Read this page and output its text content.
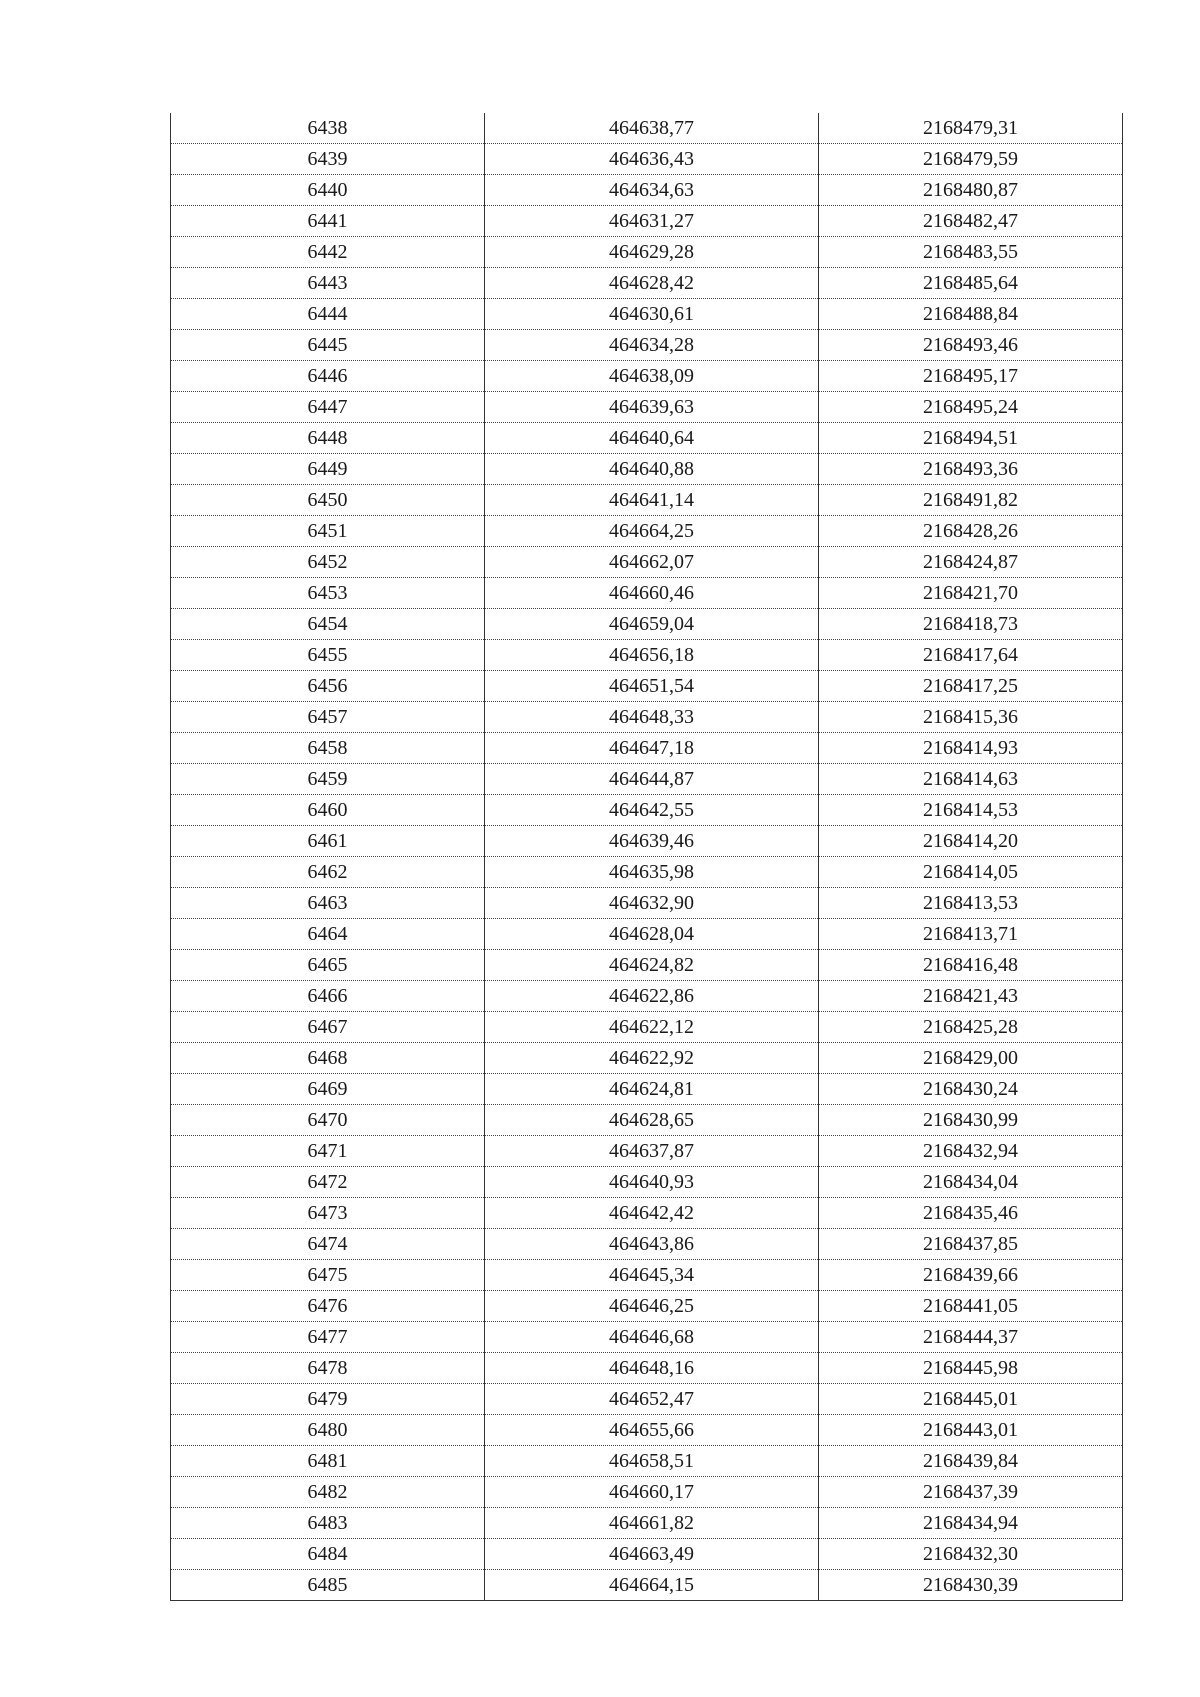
6438	464638,77	2168479,31
6439	464636,43	2168479,59
6440	464634,63	2168480,87
6441	464631,27	2168482,47
6442	464629,28	2168483,55
6443	464628,42	2168485,64
6444	464630,61	2168488,84
6445	464634,28	2168493,46
6446	464638,09	2168495,17
6447	464639,63	2168495,24
6448	464640,64	2168494,51
6449	464640,88	2168493,36
6450	464641,14	2168491,82
6451	464664,25	2168428,26
6452	464662,07	2168424,87
6453	464660,46	2168421,70
6454	464659,04	2168418,73
6455	464656,18	2168417,64
6456	464651,54	2168417,25
6457	464648,33	2168415,36
6458	464647,18	2168414,93
6459	464644,87	2168414,63
6460	464642,55	2168414,53
6461	464639,46	2168414,20
6462	464635,98	2168414,05
6463	464632,90	2168413,53
6464	464628,04	2168413,71
6465	464624,82	2168416,48
6466	464622,86	2168421,43
6467	464622,12	2168425,28
6468	464622,92	2168429,00
6469	464624,81	2168430,24
6470	464628,65	2168430,99
6471	464637,87	2168432,94
6472	464640,93	2168434,04
6473	464642,42	2168435,46
6474	464643,86	2168437,85
6475	464645,34	2168439,66
6476	464646,25	2168441,05
6477	464646,68	2168444,37
6478	464648,16	2168445,98
6479	464652,47	2168445,01
6480	464655,66	2168443,01
6481	464658,51	2168439,84
6482	464660,17	2168437,39
6483	464661,82	2168434,94
6484	464663,49	2168432,30
6485	464664,15	2168430,39
